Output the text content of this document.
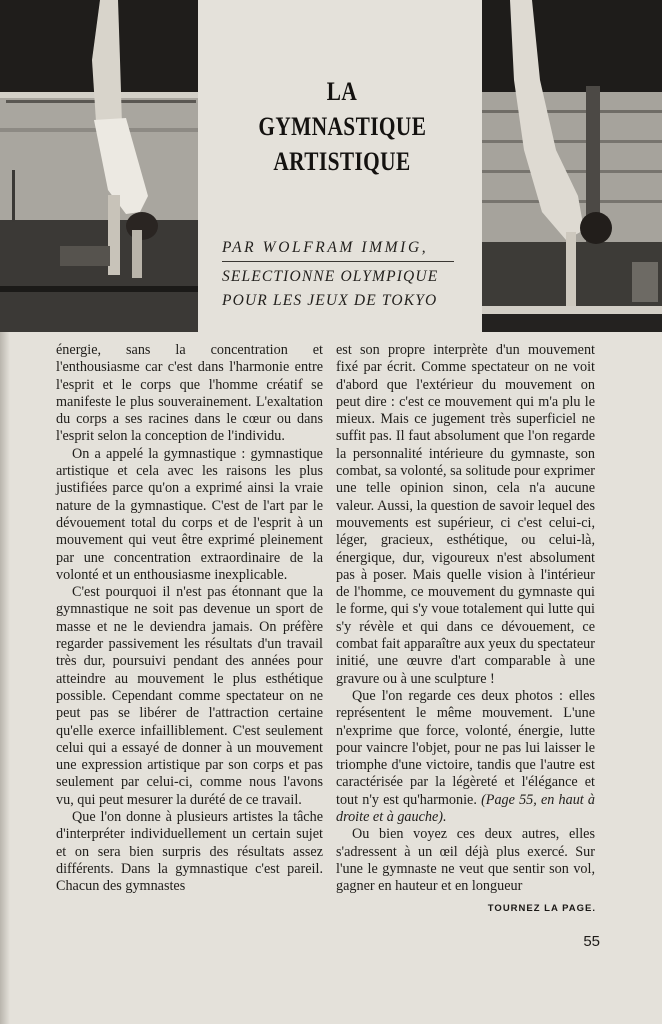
LA
GYMNASTIQUE
ARTISTIQUE
PAR WOLFRAM IMMIG,
SELECTIONNE OLYMPIQUE
POUR LES JEUX DE TOKYO

énergie, sans la concentration et l'enthousiasme car c'est dans l'harmonie entre l'esprit et le corps que l'homme créatif se manifeste le plus souverainement. L'exaltation du corps a ses racines dans le cœur ou dans l'esprit selon la conception de l'individu.

On a appelé la gymnastique : gymnastique artistique et cela avec les raisons les plus justifiées parce qu'on a exprimé ainsi la vraie nature de la gymnastique. C'est de l'art par le dévouement total du corps et de l'esprit à un mouvement qui veut être exprimé pleinement par une concentration extraordinaire de la volonté et un enthousiasme inexplicable.

C'est pourquoi il n'est pas étonnant que la gymnastique ne soit pas devenue un sport de masse et ne le deviendra jamais. On préfère regarder passivement les résultats d'un travail très dur, poursuivi pendant des années pour atteindre au mouvement le plus esthétique possible. Cependant comme spectateur on ne peut pas se libérer de l'attraction certaine qu'elle exerce infailliblement. C'est seulement celui qui a essayé de donner à un mouvement une expression artistique par son corps et pas seulement par celui-ci, comme nous l'avons vu, qui peut mesurer la durété de ce travail.

Que l'on donne à plusieurs artistes la tâche d'interpréter individuellement un certain sujet et on sera bien surpris des résultats assez différents. Dans la gymnastique c'est pareil. Chacun des gymnastes

est son propre interprète d'un mouvement fixé par écrit. Comme spectateur on ne voit d'abord que l'extérieur du mouvement on peut dire : c'est ce mouvement qui m'a plu le mieux. Mais ce jugement très superficiel ne suffit pas. Il faut absolument que l'on regarde la personnalité intérieure du gymnaste, son combat, sa volonté, sa solitude pour exprimer une telle opinion sinon, cela n'a aucune valeur. Aussi, la question de savoir lequel des mouvements est supérieur, ci c'est celui-ci, léger, gracieux, esthétique, ou celui-là, énergique, dur, vigoureux n'est absolument pas à poser. Mais quelle vision à l'intérieur de l'homme, ce mouvement du gymnaste qui le forme, qui s'y voue totalement qui lutte qui s'y révèle et qui dans ce dévouement, ce combat fait apparaître aux yeux du spectateur initié, une œuvre d'art comparable à une gravure ou à une sculpture !

Que l'on regarde ces deux photos : elles représentent le même mouvement. L'une n'exprime que force, volonté, énergie, lutte pour vaincre l'objet, pour ne pas lui laisser le triomphe d'une victoire, tandis que l'autre est caractérisée par la légèreté et l'élégance et tout n'y est qu'harmonie. (Page 55, en haut à droite et à gauche).

Ou bien voyez ces deux autres, elles s'adressent à un œil déjà plus exercé. Sur l'une le gymnaste ne veut que sentir son vol, gagner en hauteur et en longueur

TOURNEZ LA PAGE.
55
